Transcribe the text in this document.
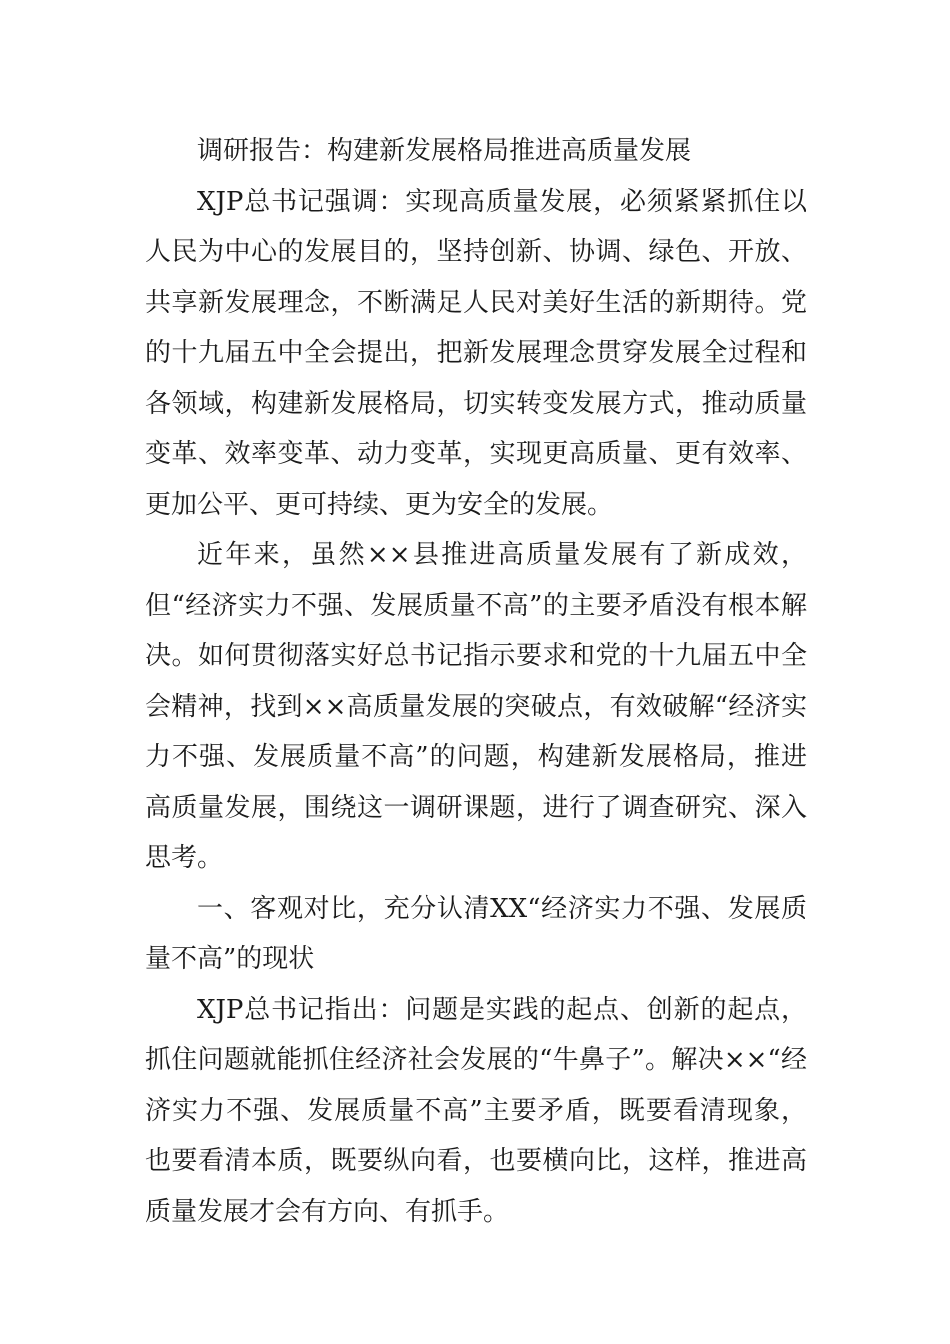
调研报告：构建新发展格局推进高质量发展

XJP总书记强调：实现高质量发展，必须紧紧抓住以人民为中心的发展目的，坚持创新、协调、绿色、开放、共享新发展理念，不断满足人民对美好生活的新期待。党的十九届五中全会提出，把新发展理念贯穿发展全过程和各领域，构建新发展格局，切实转变发展方式，推动质量变革、效率变革、动力变革，实现更高质量、更有效率、更加公平、更可持续、更为安全的发展。

近年来，虽然××县推进高质量发展有了新成效，但“经济实力不强、发展质量不高”的主要矛盾没有根本解决。如何贯彻落实好总书记指示要求和党的十九届五中全会精神，找到××高质量发展的突破点，有效破解“经济实力不强、发展质量不高”的问题，构建新发展格局，推进高质量发展，围绕这一调研课题，进行了调查研究、深入思考。

一、客观对比，充分认清XX“经济实力不强、发展质量不高”的现状

XJP总书记指出：问题是实践的起点、创新的起点，抓住问题就能抓住经济社会发展的“牛鼻子”。解决××“经济实力不强、发展质量不高”主要矛盾，既要看清现象，也要看清本质，既要纵向看，也要横向比，这样，推进高质量发展才会有方向、有抓手。
